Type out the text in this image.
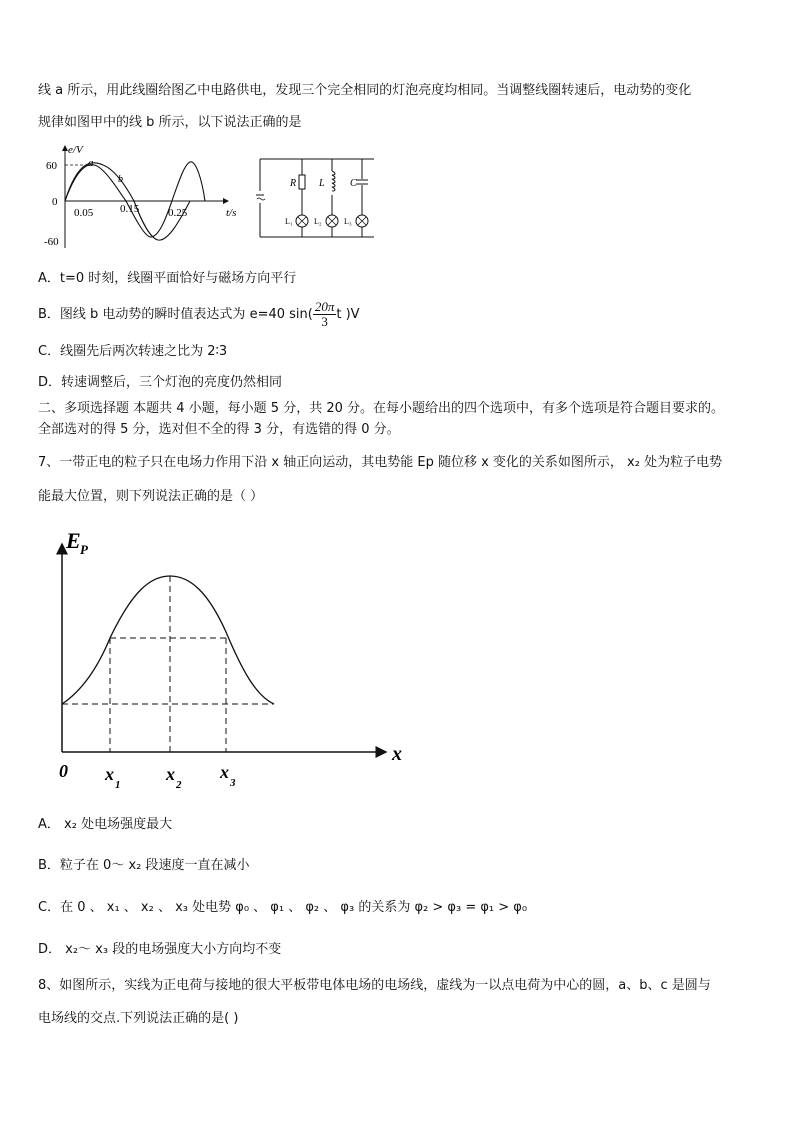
线 a 所示，用此线圈给图乙中电路供电，发现三个完全相同的灯泡亮度均相同。当调整线圈转速后，电动势的变化
规律如图甲中的线 b 所示，以下说法正确的是
60
0
-60
e/V
t/s
0.05 0.15	0.25
a
b	R L	C
L₁	L₂	L₃
A．t=0 时刻，线圈平面恰好与磁场方向平行
B．图线 b 电动势的瞬时值表达式为 e=40 $\sin( \frac{20\pi}{3}$ t )V
C．线圈先后两次转速之比为 2∶3
D．转速调整后，三个灯泡的亮度仍然相同
二、多项选择题 本题共 4 小题，每小题 5 分，共 20 分。在每小题给出的四个选项中，有多个选项是符合题目要求的。
全部选对的得 5 分，选对但不全的得 3 分，有选错的得 0 分。
7、一带正电的粒子只在电场力作用下沿 x 轴正向运动，其电势能 Ep 随位移 x 变化的关系如图所示， x₂ 处为粒子电势
能最大位置，则下列说法正确的是（ ）
E P
x
0 x
1
x
2
x
3
A． x₂ 处电场强度最大
B．粒子在 0～ x₂ 段速度一直在减小
C．在 0 、 x₁ 、 x₂ 、 x₃ 处电势 φ₀ 、 φ₁ 、 φ₂ 、 φ₃ 的关系为 φ₂ > φ₃ = φ₁ > φ₀
D． x₂～ x₃ 段的电场强度大小方向均不变
8、如图所示，实线为正电荷与接地的很大平板带电体电场的电场线，虚线为一以点电荷为中心的圆，a、b、c 是圆与
电场线的交点.下列说法正确的是( )
